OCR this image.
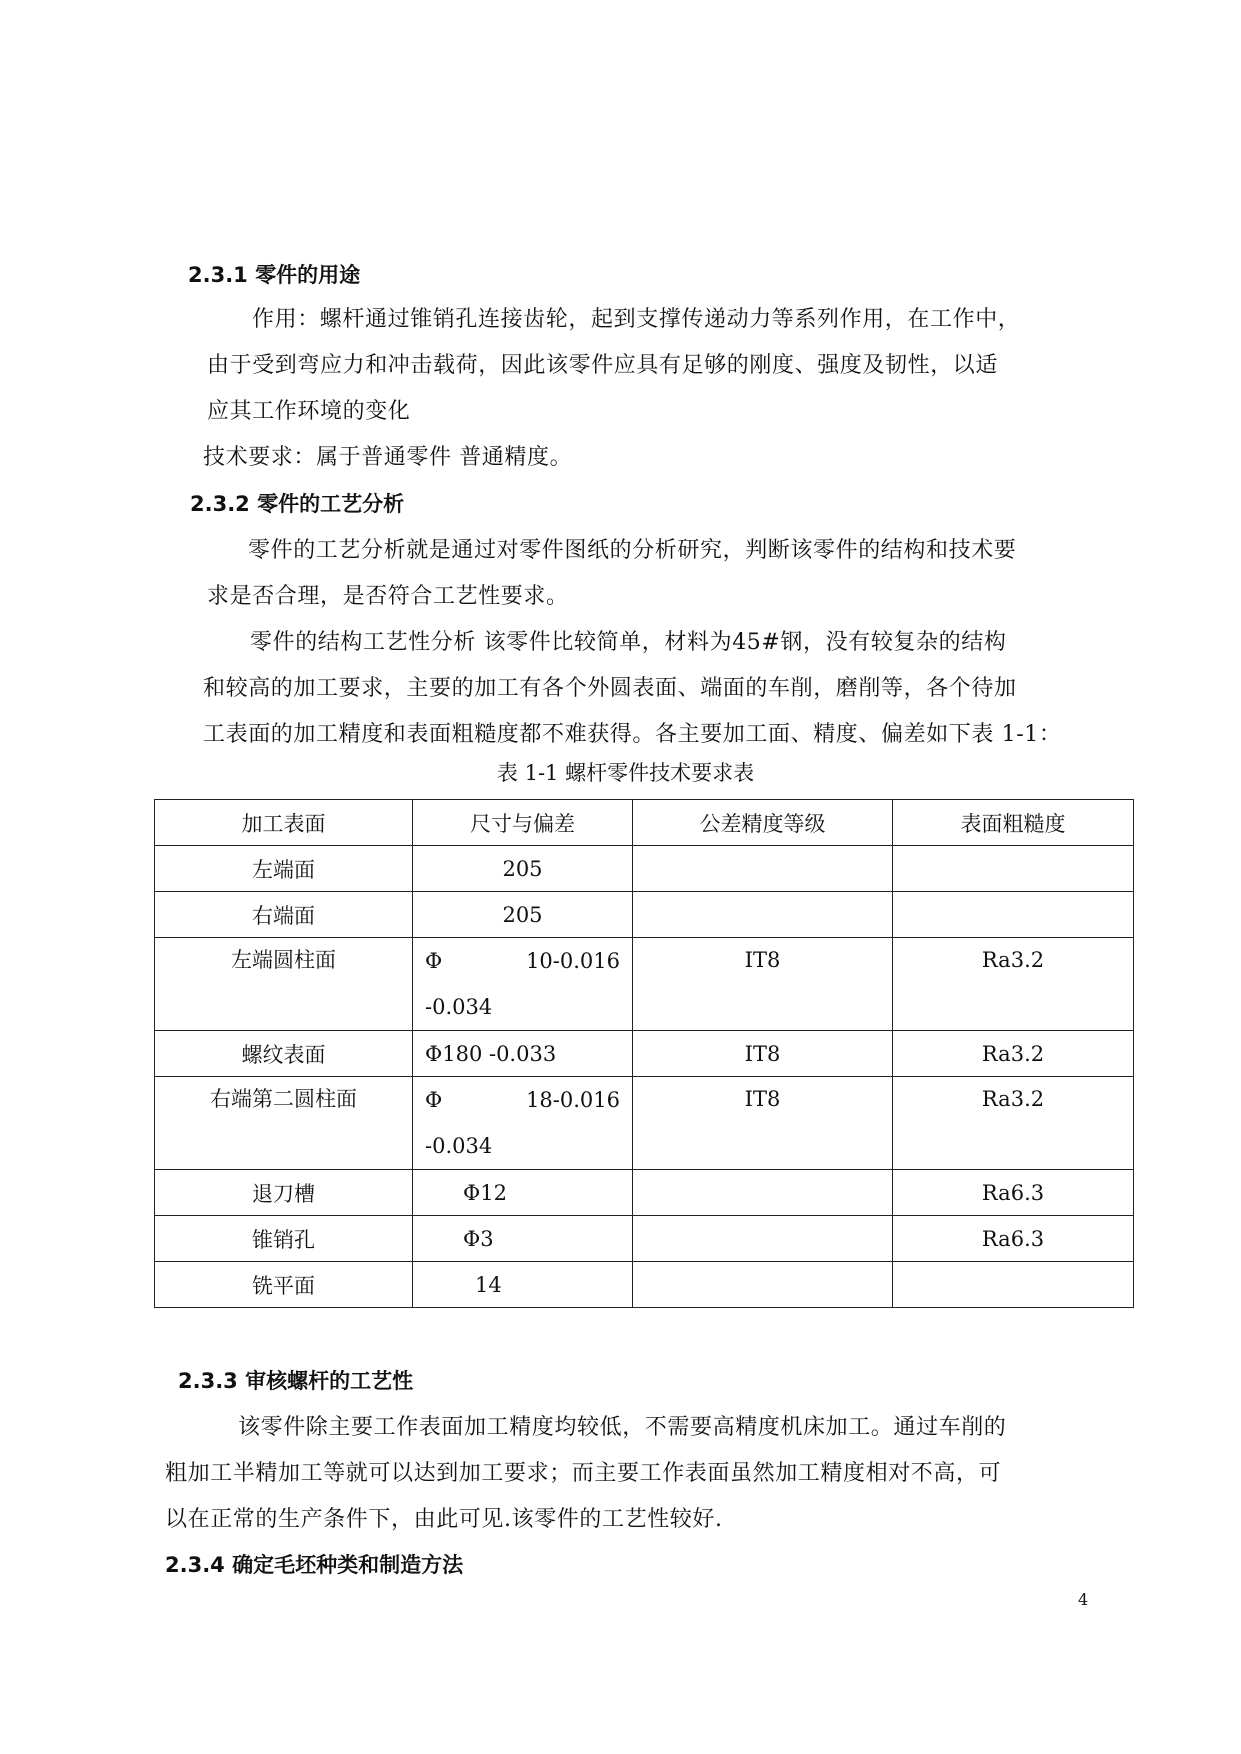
2.3.1 零件的用途

作用：螺杆通过锥销孔连接齿轮，起到支撑传递动力等系列作用，在工作中，

由于受到弯应力和冲击载荷，因此该零件应具有足够的刚度、强度及韧性，以适

应其工作环境的变化

技术要求：属于普通零件 普通精度。

2.3.2 零件的工艺分析

零件的工艺分析就是通过对零件图纸的分析研究，判断该零件的结构和技术要

求是否合理，是否符合工艺性要求。

零件的结构工艺性分析 该零件比较简单，材料为45#钢，没有较复杂的结构

和较高的加工要求，主要的加工有各个外圆表面、端面的车削，磨削等，各个待加

工表面的加工精度和表面粗糙度都不难获得。各主要加工面、精度、偏差如下表 1-1：

表 1-1 螺杆零件技术要求表

加工表面	尺寸与偏差	公差精度等级	表面粗糙度
左端面	205		
右端面	205		
左端圆柱面	Φ 10-0.016
-0.034	IT8	Ra3.2
螺纹表面	Φ180 -0.033	IT8	Ra3.2
右端第二圆柱面	Φ 18-0.016
-0.034	IT8	Ra3.2
退刀槽	Φ12		Ra6.3
锥销孔	Φ3		Ra6.3
铣平面	14		
2.3.3 审核螺杆的工艺性

该零件除主要工作表面加工精度均较低，不需要高精度机床加工。通过车削的

粗加工半精加工等就可以达到加工要求；而主要工作表面虽然加工精度相对不高，可

以在正常的生产条件下，由此可见.该零件的工艺性较好.

2.3.4 确定毛坯种类和制造方法

4
